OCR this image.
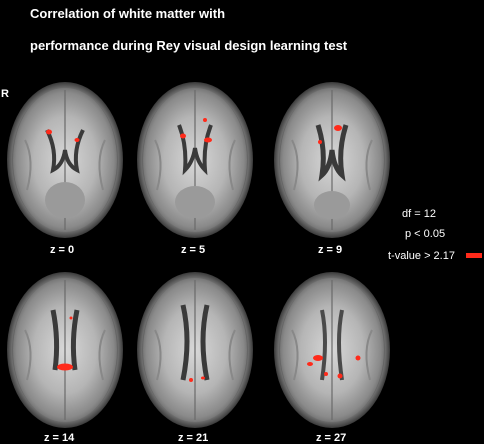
Correlation of white matter with
performance during Rey visual design learning test
R
z = 0	z = 5	z = 9
df = 12
p < 0.05
t-value > 2.17
z = 14	z = 21	z = 27
